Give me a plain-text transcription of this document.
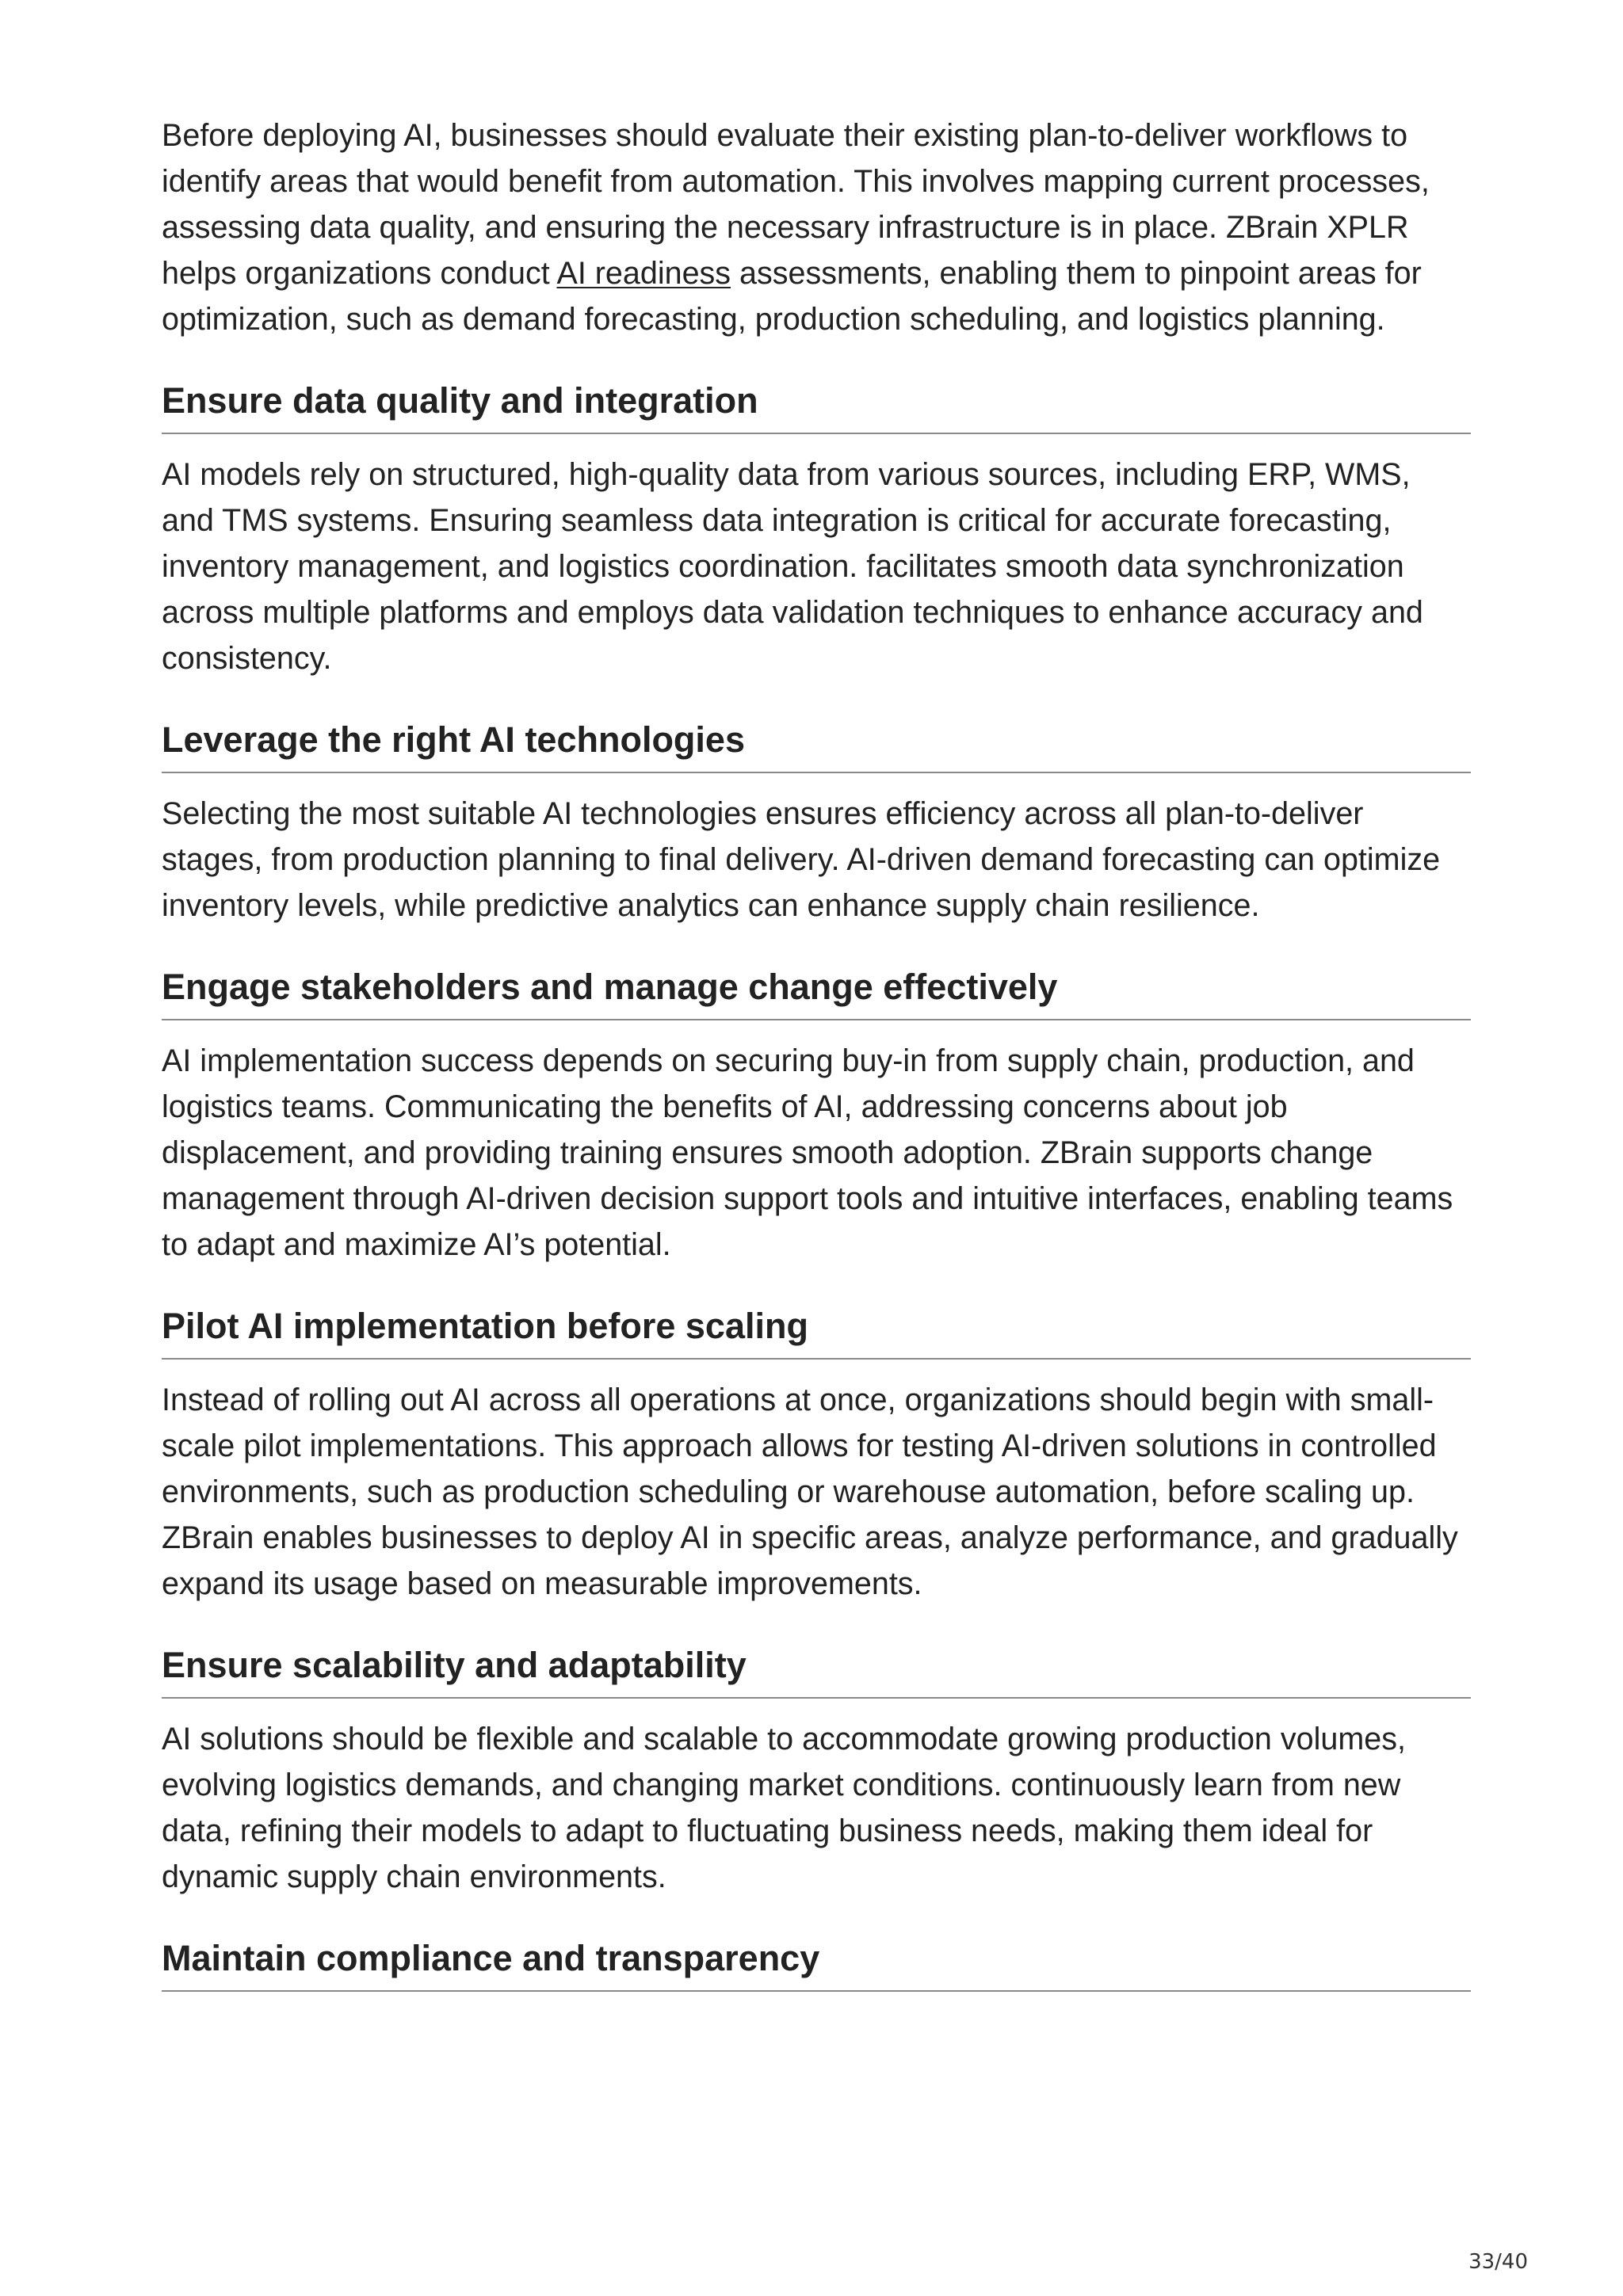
Before deploying AI, businesses should evaluate their existing plan-to-deliver workflows to identify areas that would benefit from automation. This involves mapping current processes, assessing data quality, and ensuring the necessary infrastructure is in place. ZBrain XPLR helps organizations conduct AI readiness assessments, enabling them to pinpoint areas for optimization, such as demand forecasting, production scheduling, and logistics planning.

Ensure data quality and integration

AI models rely on structured, high-quality data from various sources, including ERP, WMS, and TMS systems. Ensuring seamless data integration is critical for accurate forecasting, inventory management, and logistics coordination. facilitates smooth data synchronization across multiple platforms and employs data validation techniques to enhance accuracy and consistency.

Leverage the right AI technologies

Selecting the most suitable AI technologies ensures efficiency across all plan-to-deliver stages, from production planning to final delivery. AI-driven demand forecasting can optimize inventory levels, while predictive analytics can enhance supply chain resilience.

Engage stakeholders and manage change effectively

AI implementation success depends on securing buy-in from supply chain, production, and logistics teams. Communicating the benefits of AI, addressing concerns about job displacement, and providing training ensures smooth adoption. ZBrain supports change management through AI-driven decision support tools and intuitive interfaces, enabling teams to adapt and maximize AI’s potential.

Pilot AI implementation before scaling

Instead of rolling out AI across all operations at once, organizations should begin with small-scale pilot implementations. This approach allows for testing AI-driven solutions in controlled environments, such as production scheduling or warehouse automation, before scaling up. ZBrain enables businesses to deploy AI in specific areas, analyze performance, and gradually expand its usage based on measurable improvements.

Ensure scalability and adaptability

AI solutions should be flexible and scalable to accommodate growing production volumes, evolving logistics demands, and changing market conditions. continuously learn from new data, refining their models to adapt to fluctuating business needs, making them ideal for dynamic supply chain environments.

Maintain compliance and transparency
33/40
